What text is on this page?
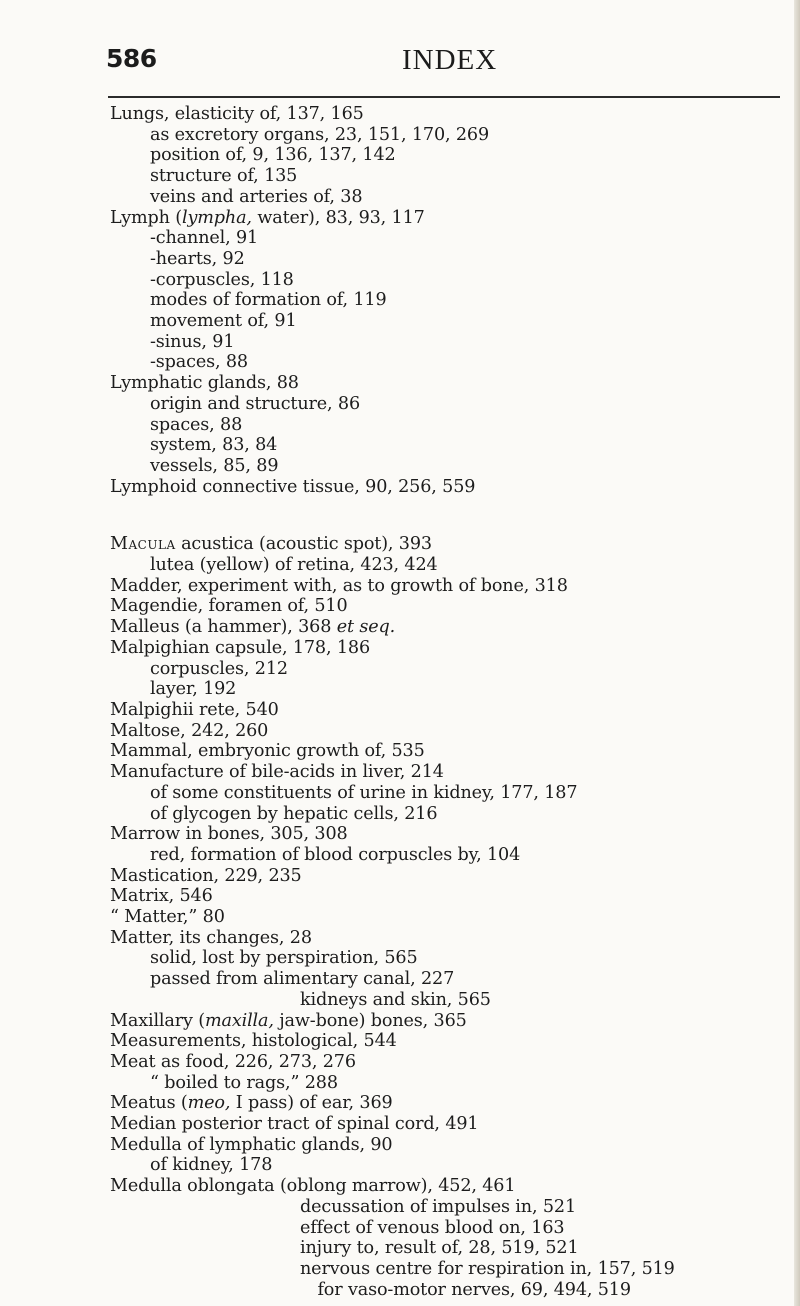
586	INDEX
Lungs, elasticity of, 137, 165
as excretory organs, 23, 151, 170, 269
position of, 9, 136, 137, 142
structure of, 135
veins and arteries of, 38
Lymph (lympha, water), 83, 93, 117
-channel, 91
-hearts, 92
-corpuscles, 118
modes of formation of, 119
movement of, 91
-sinus, 91
-spaces, 88
Lymphatic glands, 88
origin and structure, 86
spaces, 88
system, 83, 84
vessels, 85, 89
Lymphoid connective tissue, 90, 256, 559
Macula acustica (acoustic spot), 393
lutea (yellow) of retina, 423, 424
Madder, experiment with, as to growth of bone, 318
Magendie, foramen of, 510
Malleus (a hammer), 368 et seq.
Malpighian capsule, 178, 186
corpuscles, 212
layer, 192
Malpighii rete, 540
Maltose, 242, 260
Mammal, embryonic growth of, 535
Manufacture of bile-acids in liver, 214
of some constituents of urine in kidney, 177, 187
of glycogen by hepatic cells, 216
Marrow in bones, 305, 308
red, formation of blood corpuscles by, 104
Mastication, 229, 235
Matrix, 546
“ Matter,” 80
Matter, its changes, 28
solid, lost by perspiration, 565
passed from alimentary canal, 227
kidneys and skin, 565
Maxillary (maxilla, jaw-bone) bones, 365
Measurements, histological, 544
Meat as food, 226, 273, 276
“ boiled to rags,” 288
Meatus (meo, I pass) of ear, 369
Median posterior tract of spinal cord, 491
Medulla of lymphatic glands, 90
of kidney, 178
Medulla oblongata (oblong marrow), 452, 461
decussation of impulses in, 521
effect of venous blood on, 163
injury to, result of, 28, 519, 521
nervous centre for respiration in, 157, 519
 for vaso-motor nerves, 69, 494, 519
